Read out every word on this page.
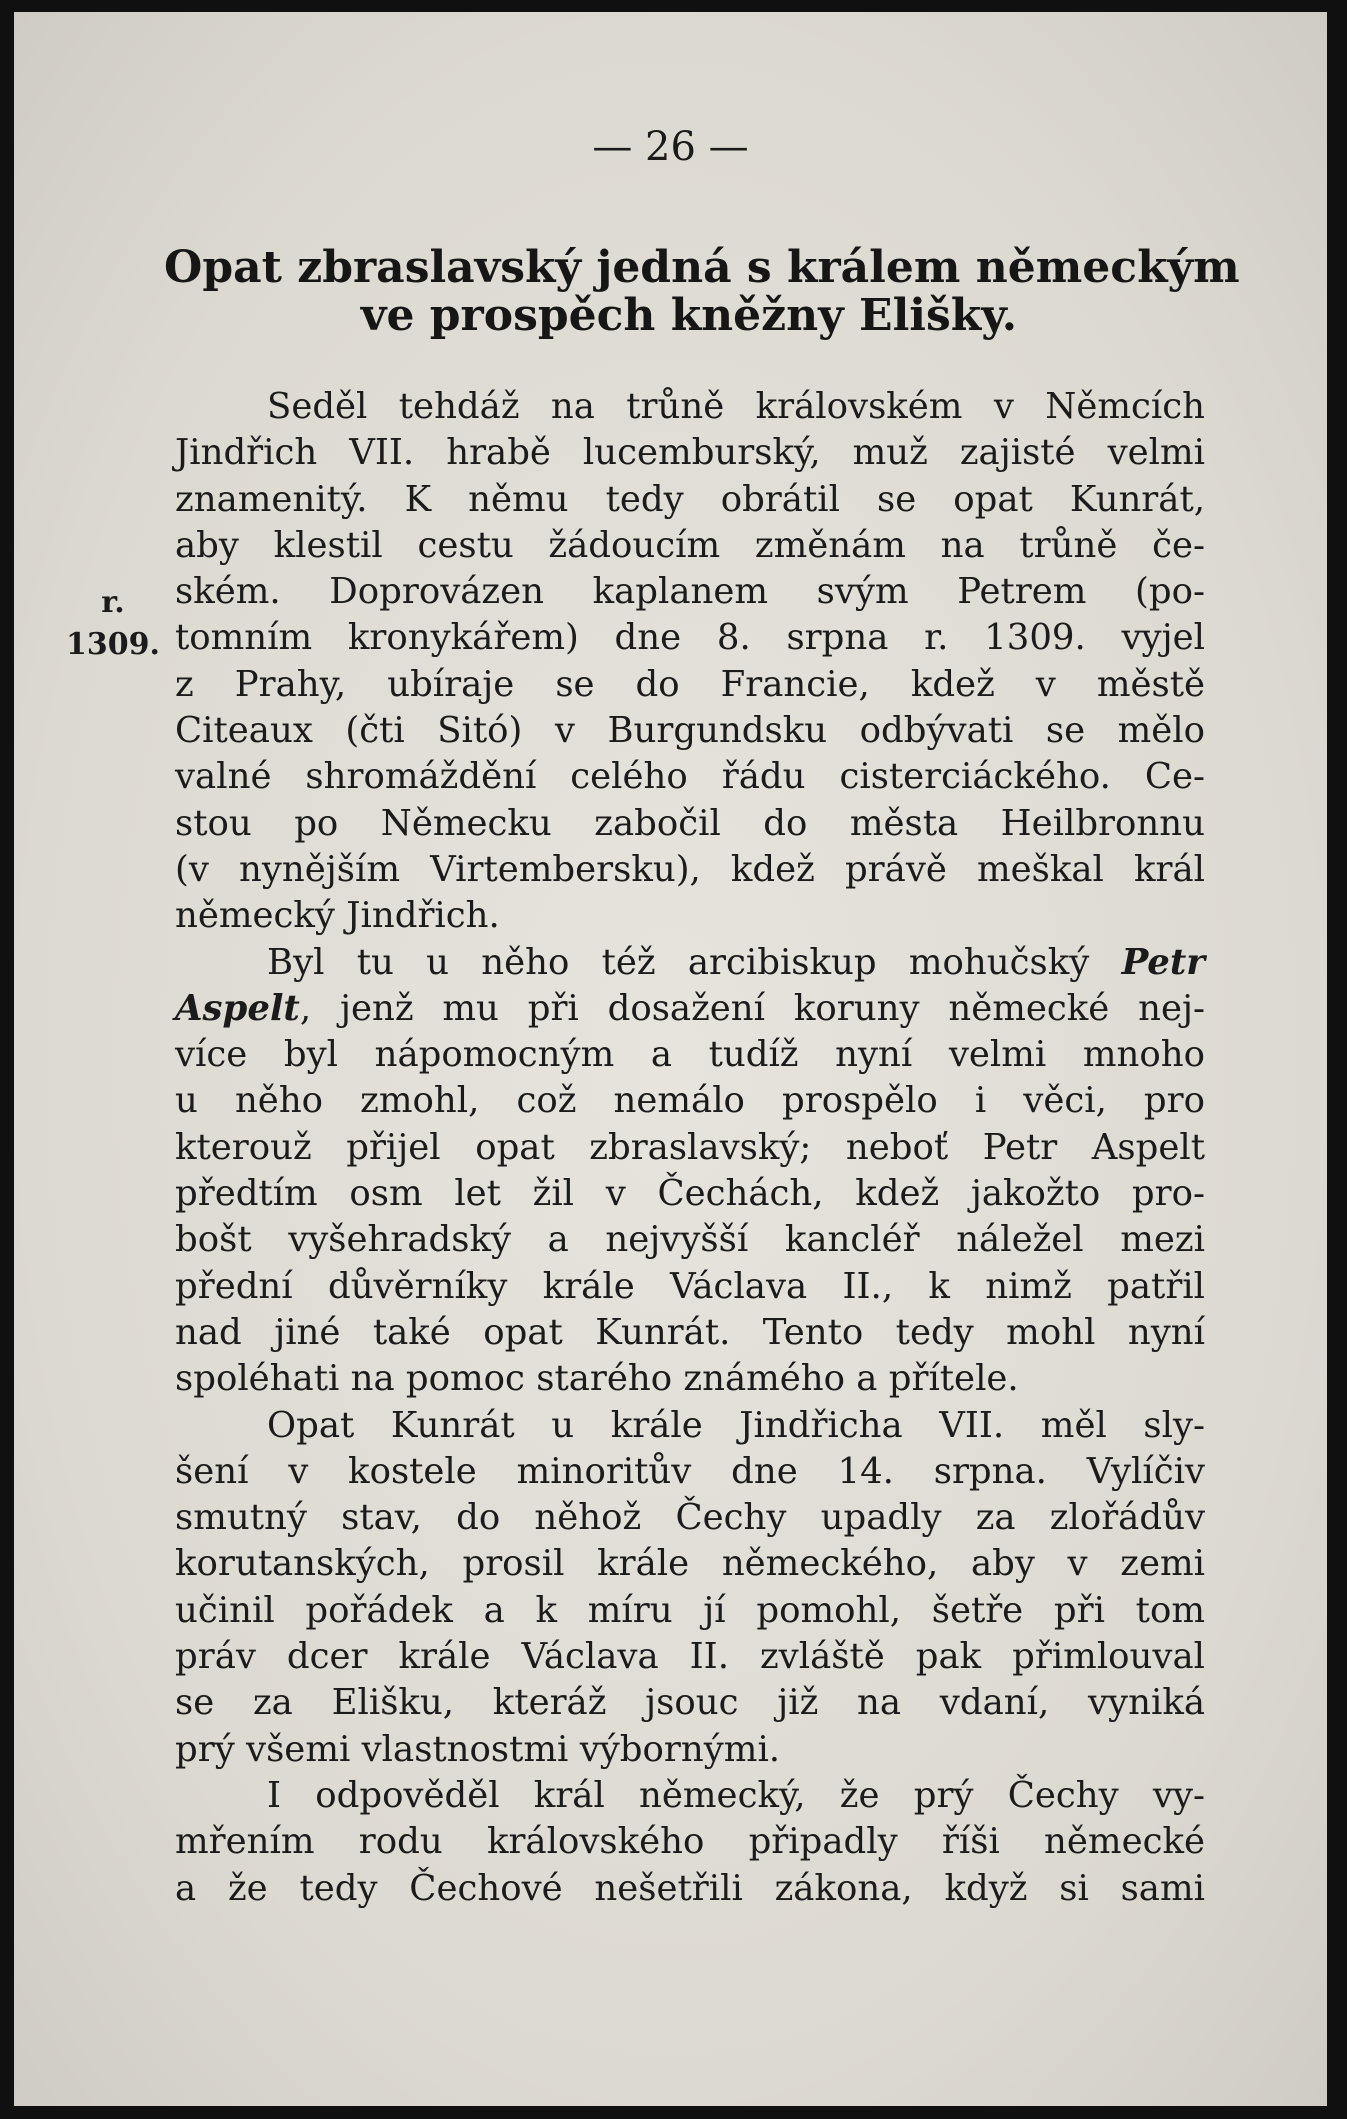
— 26 —
Opat zbraslavský jedná s králem německým
ve prospěch kněžny Elišky.
r.
1309.
Seděl tehdáž na trůně královském v Němcích
Jindřich VII. hrabě lucemburský, muž zajisté velmi
znamenitý. K němu tedy obrátil se opat Kunrát,
aby klestil cestu žádoucím změnám na trůně če-
ském. Doprovázen kaplanem svým Petrem (po-
tomním kronykářem) dne 8. srpna r. 1309. vyjel
z Prahy, ubíraje se do Francie, kdež v městě
Citeaux (čti Sitó) v Burgundsku odbývati se mělo
valné shromáždění celého řádu cisterciáckého. Ce-
stou po Německu zabočil do města Heilbronnu
(v nynějším Virtembersku), kdež právě meškal král
německý Jindřich.
Byl tu u něho též arcibiskup mohučský Petr
Aspelt, jenž mu při dosažení koruny německé nej-
více byl nápomocným a tudíž nyní velmi mnoho
u něho zmohl, což nemálo prospělo i věci, pro
kterouž přijel opat zbraslavský; neboť Petr Aspelt
předtím osm let žil v Čechách, kdež jakožto pro-
bošt vyšehradský a nejvyšší kancléř náležel mezi
přední důvěrníky krále Václava II., k nimž patřil
nad jiné také opat Kunrát. Tento tedy mohl nyní
spoléhati na pomoc starého známého a přítele.
Opat Kunrát u krále Jindřicha VII. měl sly-
šení v kostele minoritův dne 14. srpna. Vylíčiv
smutný stav, do něhož Čechy upadly za zlořádův
korutanských, prosil krále německého, aby v zemi
učinil pořádek a k míru jí pomohl, šetře při tom
práv dcer krále Václava II. zvláště pak přimlouval
se za Elišku, kteráž jsouc již na vdaní, vyniká
prý všemi vlastnostmi výbornými.
I odpověděl král německý, že prý Čechy vy-
mřením rodu královského připadly říši německé
a že tedy Čechové nešetřili zákona, když si sami
